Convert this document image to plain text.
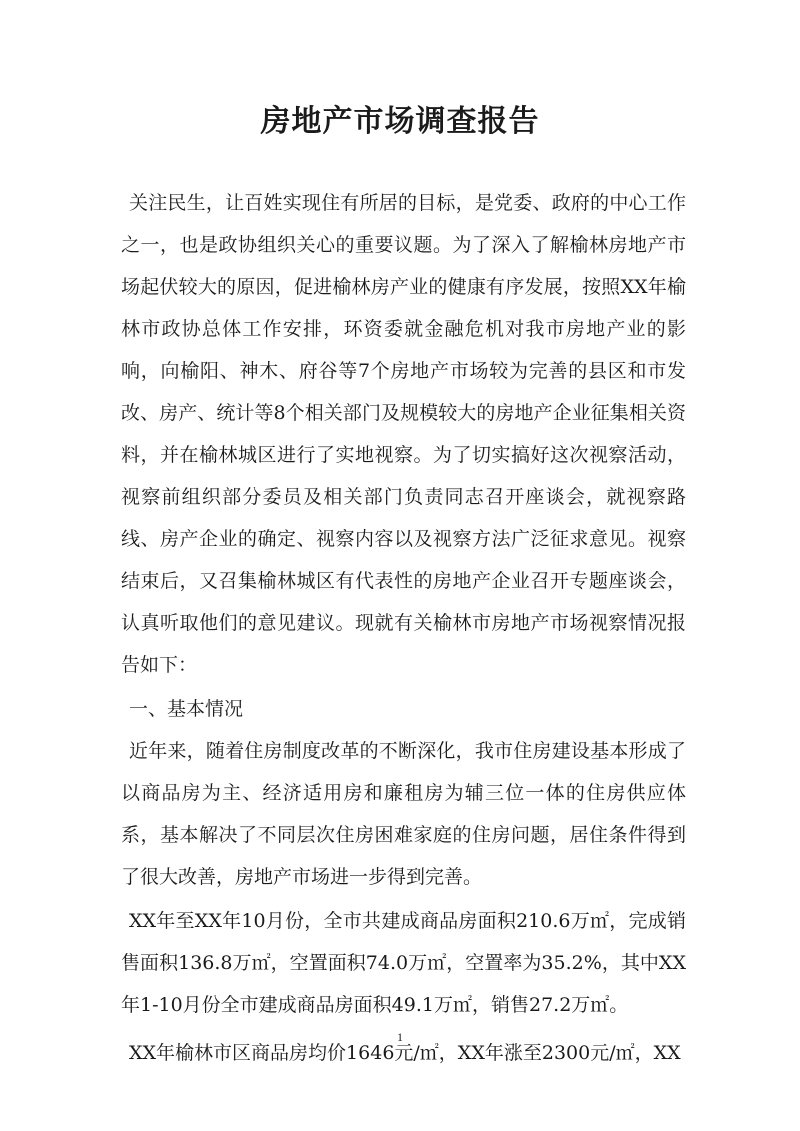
房地产市场调查报告

关注民生，让百姓实现住有所居的目标，是党委、政府的中心工作之一，也是政协组织关心的重要议题。为了深入了解榆林房地产市场起伏较大的原因，促进榆林房产业的健康有序发展，按照XX年榆林市政协总体工作安排，环资委就金融危机对我市房地产业的影响，向榆阳、神木、府谷等7个房地产市场较为完善的县区和市发改、房产、统计等8个相关部门及规模较大的房地产企业征集相关资料，并在榆林城区进行了实地视察。为了切实搞好这次视察活动，视察前组织部分委员及相关部门负责同志召开座谈会，就视察路线、房产企业的确定、视察内容以及视察方法广泛征求意见。视察结束后，又召集榆林城区有代表性的房地产企业召开专题座谈会，认真听取他们的意见建议。现就有关榆林市房地产市场视察情况报告如下：

一、基本情况

近年来，随着住房制度改革的不断深化，我市住房建设基本形成了以商品房为主、经济适用房和廉租房为辅三位一体的住房供应体系，基本解决了不同层次住房困难家庭的住房问题，居住条件得到了很大改善，房地产市场进一步得到完善。

XX年至XX年10月份，全市共建成商品房面积210.6万㎡，完成销售面积136.8万㎡，空置面积74.0万㎡，空置率为35.2%，其中XX年1-10月份全市建成商品房面积49.1万㎡，销售27.2万㎡。

XX年榆林市区商品房均价1646元/㎡，XX年涨至2300元/㎡，XX

1
